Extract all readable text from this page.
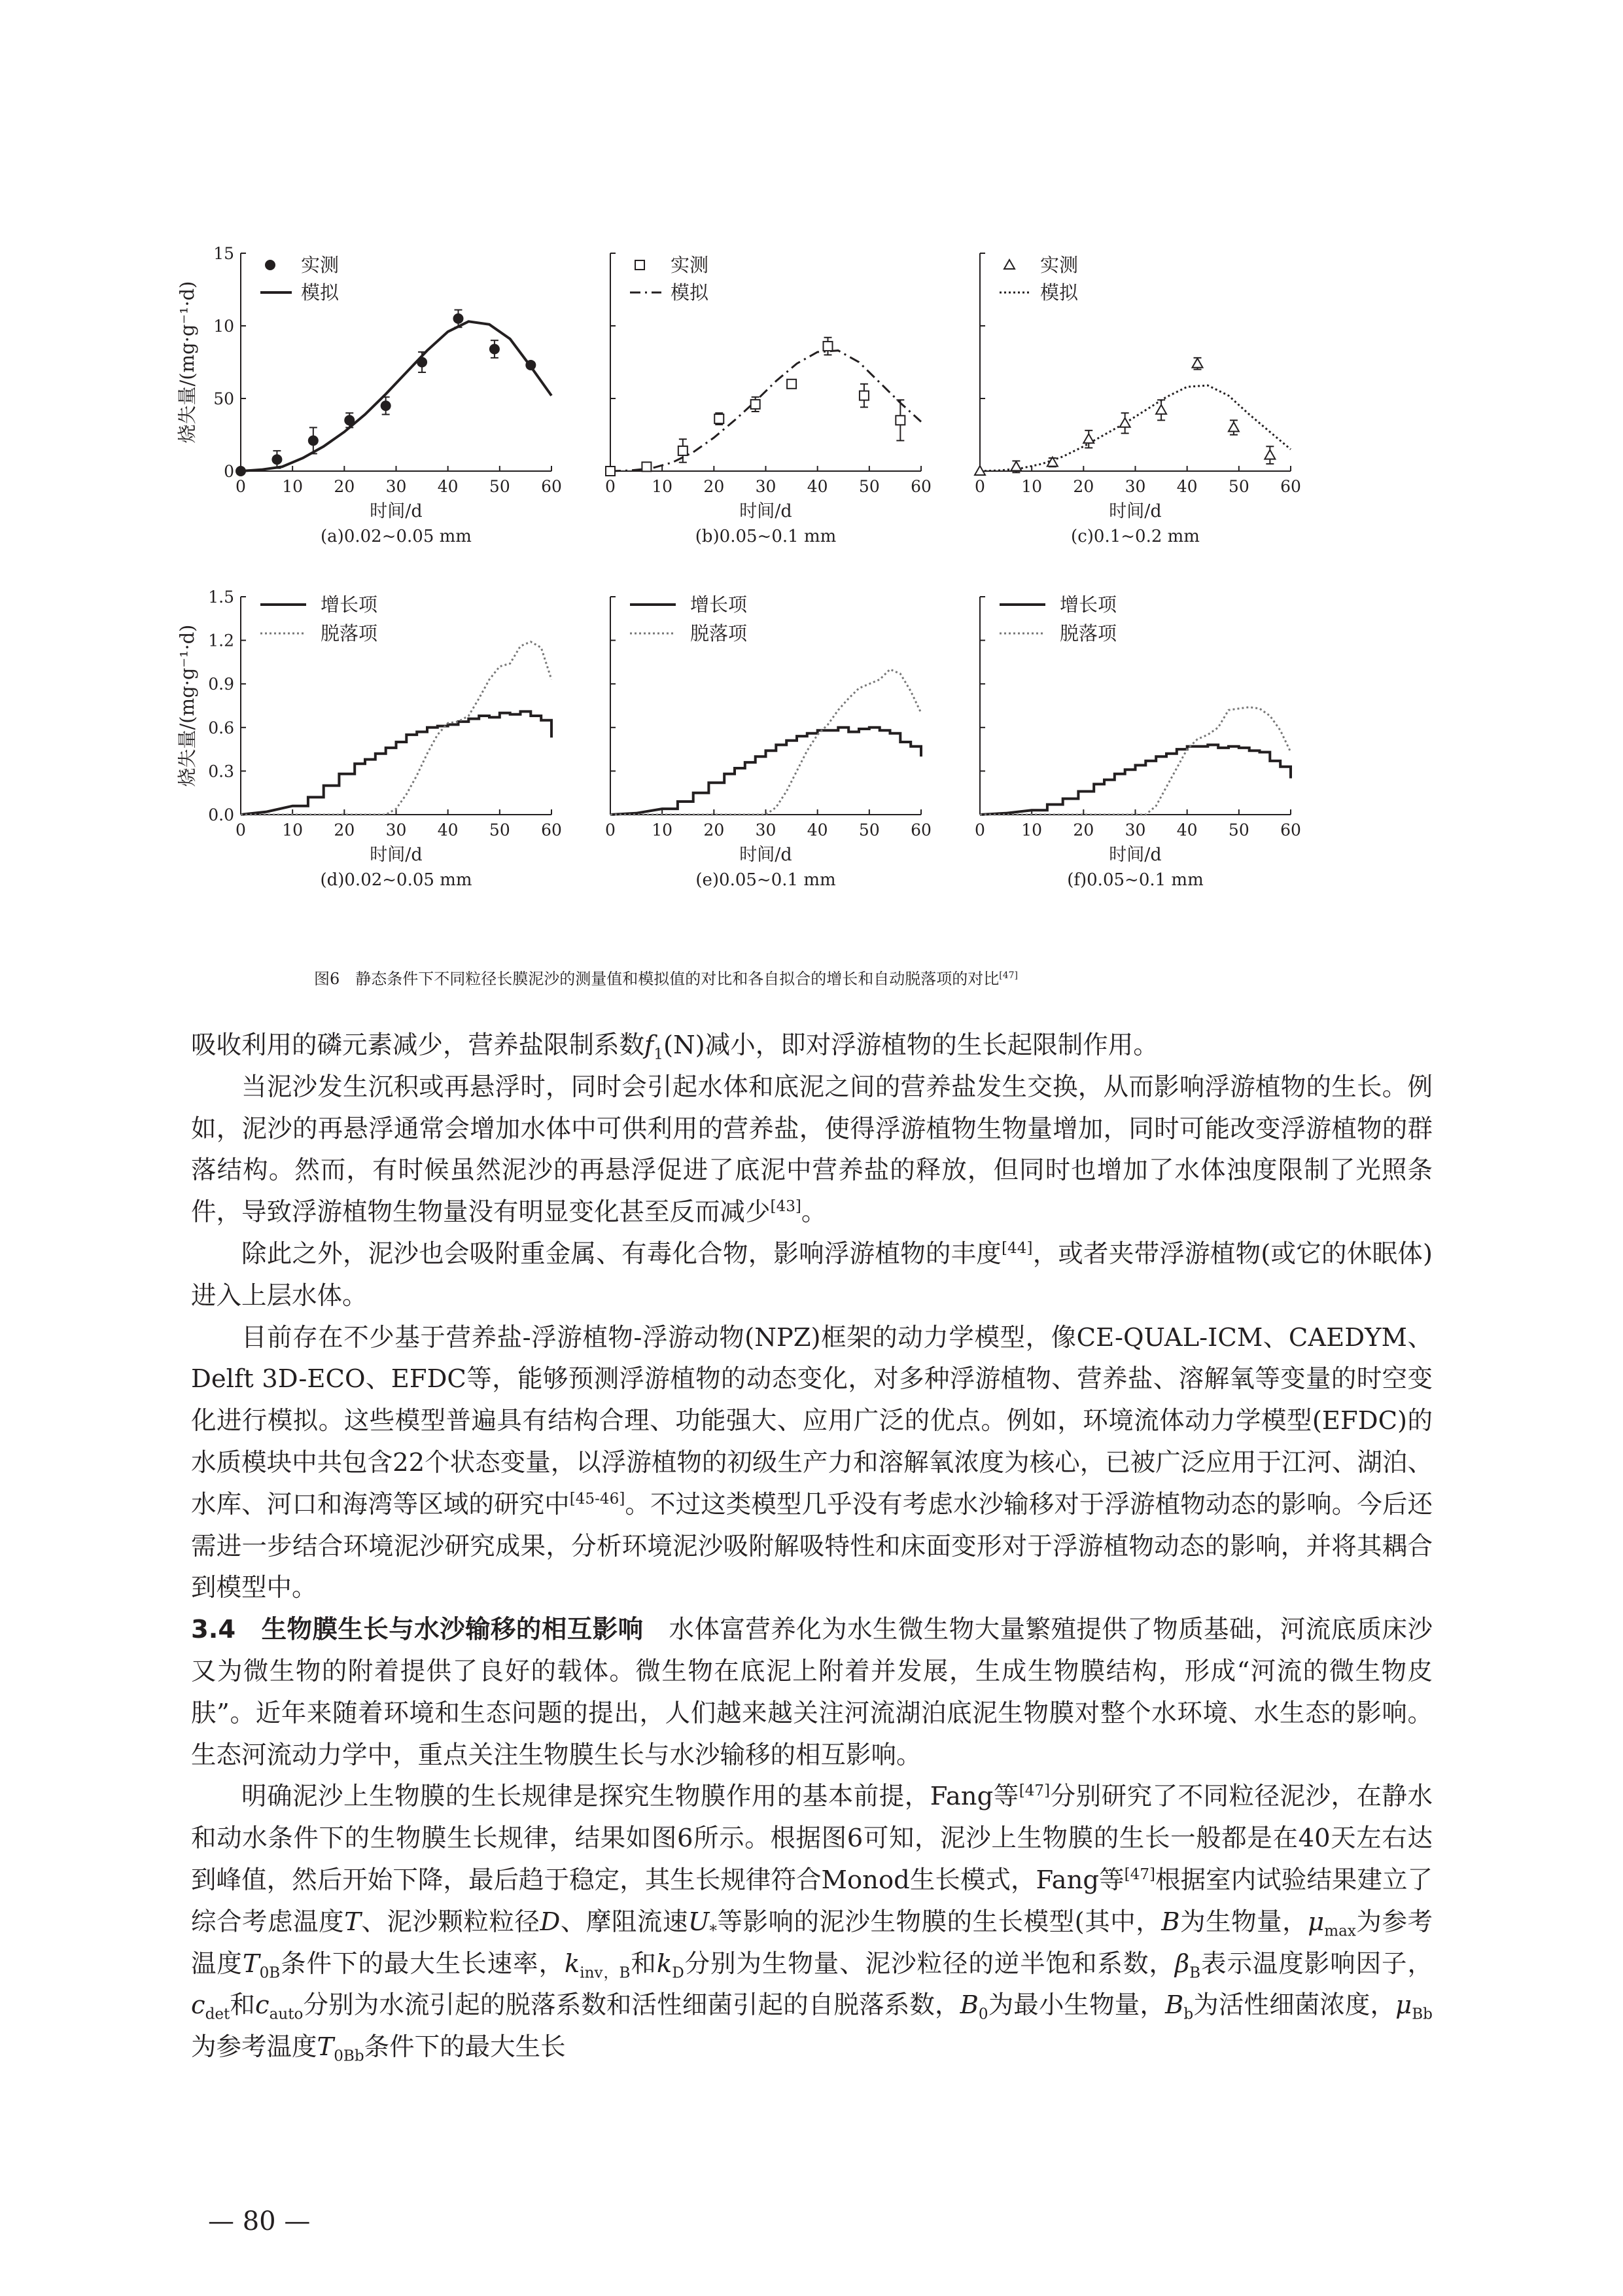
0 10 20 30 40 50 60
0
50
10
15
烧失量/(mg·g⁻¹·d)
时间/d
(a)0.02~0.05 mm
实测
模拟
0 10 20 30 40 50 60
时间/d
(b)0.05~0.1 mm
实测
模拟
0 10 20 30 40 50 60
时间/d
(c)0.1~0.2 mm
实测
模拟
0 10 20 30 40 50 60
0.0
0.3
0.6
0.9
1.2
1.5
烧失量/(mg·g⁻¹·d)
时间/d
(d)0.02~0.05 mm
增长项
脱落项
0 10 20 30 40 50 60
时间/d
(e)0.05~0.1 mm
增长项
脱落项
0 10 20 30 40 50 60
时间/d
(f)0.05~0.1 mm
增长项
脱落项
图6　 静态条件下不同粒径长膜泥沙的测量值和模拟值的对比和各自拟合的增长和自动脱落项的对比[47]

吸收利用的磷元素减少，营养盐限制系数$f_1(N)$减小，即对浮游植物的生长起限制作用。

当泥沙发生沉积或再悬浮时，同时会引起水体和底泥之间的营养盐发生交换，从而影响浮游植物的生长。例如，泥沙的再悬浮通常会增加水体中可供利用的营养盐，使得浮游植物生物量增加，同时可能改变浮游植物的群落结构。然而，有时候虽然泥沙的再悬浮促进了底泥中营养盐的释放，但同时也增加了水体浊度限制了光照条件，导致浮游植物生物量没有明显变化甚至反而减少[43]。

除此之外，泥沙也会吸附重金属、有毒化合物，影响浮游植物的丰度[44]，或者夹带浮游植物(或它的休眠体)进入上层水体。

目前存在不少基于营养盐-浮游植物-浮游动物(NPZ)框架的动力学模型，像CE-QUAL-ICM、CAEDYM、Delft 3D-ECO、EFDC等，能够预测浮游植物的动态变化，对多种浮游植物、营养盐、溶解氧等变量的时空变化进行模拟。这些模型普遍具有结构合理、功能强大、应用广泛的优点。例如，环境流体动力学模型(EFDC)的水质模块中共包含22个状态变量，以浮游植物的初级生产力和溶解氧浓度为核心，已被广泛应用于江河、湖泊、水库、河口和海湾等区域的研究中[45-46]。不过这类模型几乎没有考虑水沙输移对于浮游植物动态的影响。今后还需进一步结合环境泥沙研究成果，分析环境泥沙吸附解吸特性和床面变形对于浮游植物动态的影响，并将其耦合到模型中。

3.4　 生物膜生长与水沙输移的相互影响　 水体富营养化为水生微生物大量繁殖提供了物质基础，河流底质床沙又为微生物的附着提供了良好的载体。微生物在底泥上附着并发展，生成生物膜结构，形成“河流的微生物皮肤”。近年来随着环境和生态问题的提出，人们越来越关注河流湖泊底泥生物膜对整个水环境、水生态的影响。生态河流动力学中，重点关注生物膜生长与水沙输移的相互影响。

明确泥沙上生物膜的生长规律是探究生物膜作用的基本前提，Fang等[47]分别研究了不同粒径泥沙，在静水和动水条件下的生物膜生长规律，结果如图6所示。根据图6可知，泥沙上生物膜的生长一般都是在40天左右达到峰值，然后开始下降，最后趋于稳定，其生长规律符合Monod生长模式，Fang等[47]根据室内试验结果建立了综合考虑温度T、泥沙颗粒粒径D、摩阻流速$U_*$等影响的泥沙生物膜的生长模型(其中，B为生物量，$\mu_{max}$为参考温度$T_{0B}$条件下的最大生长速率，$k_{inv,B}$和$k_D$分别为生物量、泥沙粒径的逆半饱和系数，$\beta_B$表示温度影响因子，$c_{det}$和$c_{auto}$分别为水流引起的脱落系数和活性细菌引起的自脱落系数，$B_0$为最小生物量，$B_b$为活性细菌浓度，$\mu_{Bb}$为参考温度$T_{0Bb}$条件下的最大生长

— 80 —
